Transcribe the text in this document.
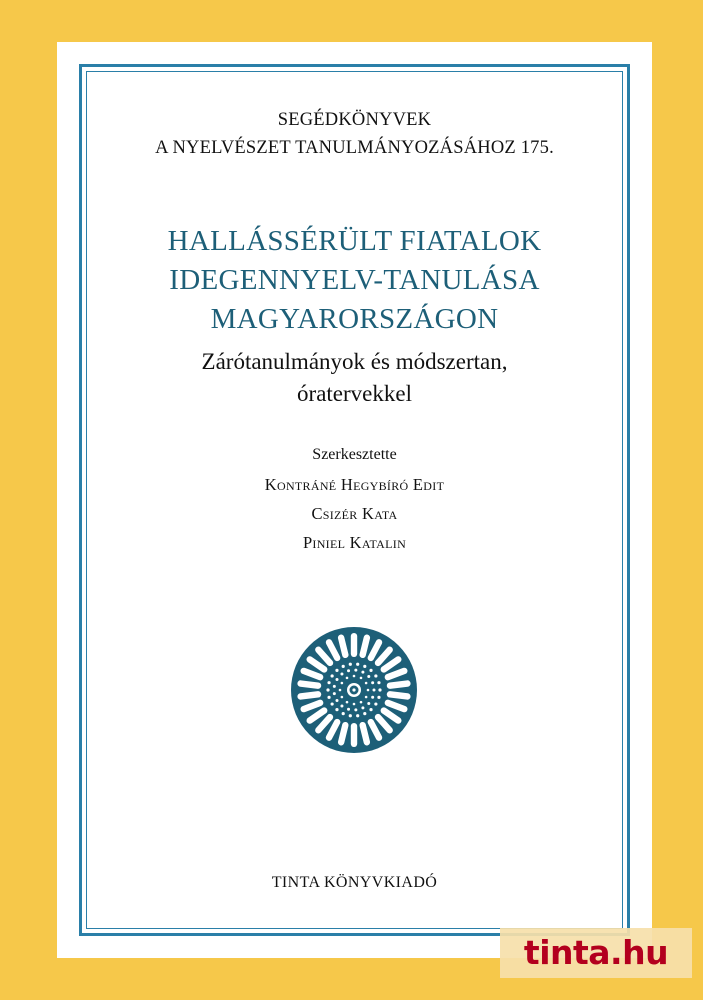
SEGÉDKÖNYVEK
A NYELVÉSZET TANULMÁNYOZÁSÁHOZ 175.
HALLÁSSÉRÜLT FIATALOK
IDEGENNYELV-TANULÁSA
MAGYARORSZÁGON
Zárótanulmányok és módszertan,
óratervekkel
Szerkesztette
Kontráné Hegybíró Edit
Csizér Kata
Piniel Katalin
TINTA KÖNYVKIADÓ
tinta.hu
